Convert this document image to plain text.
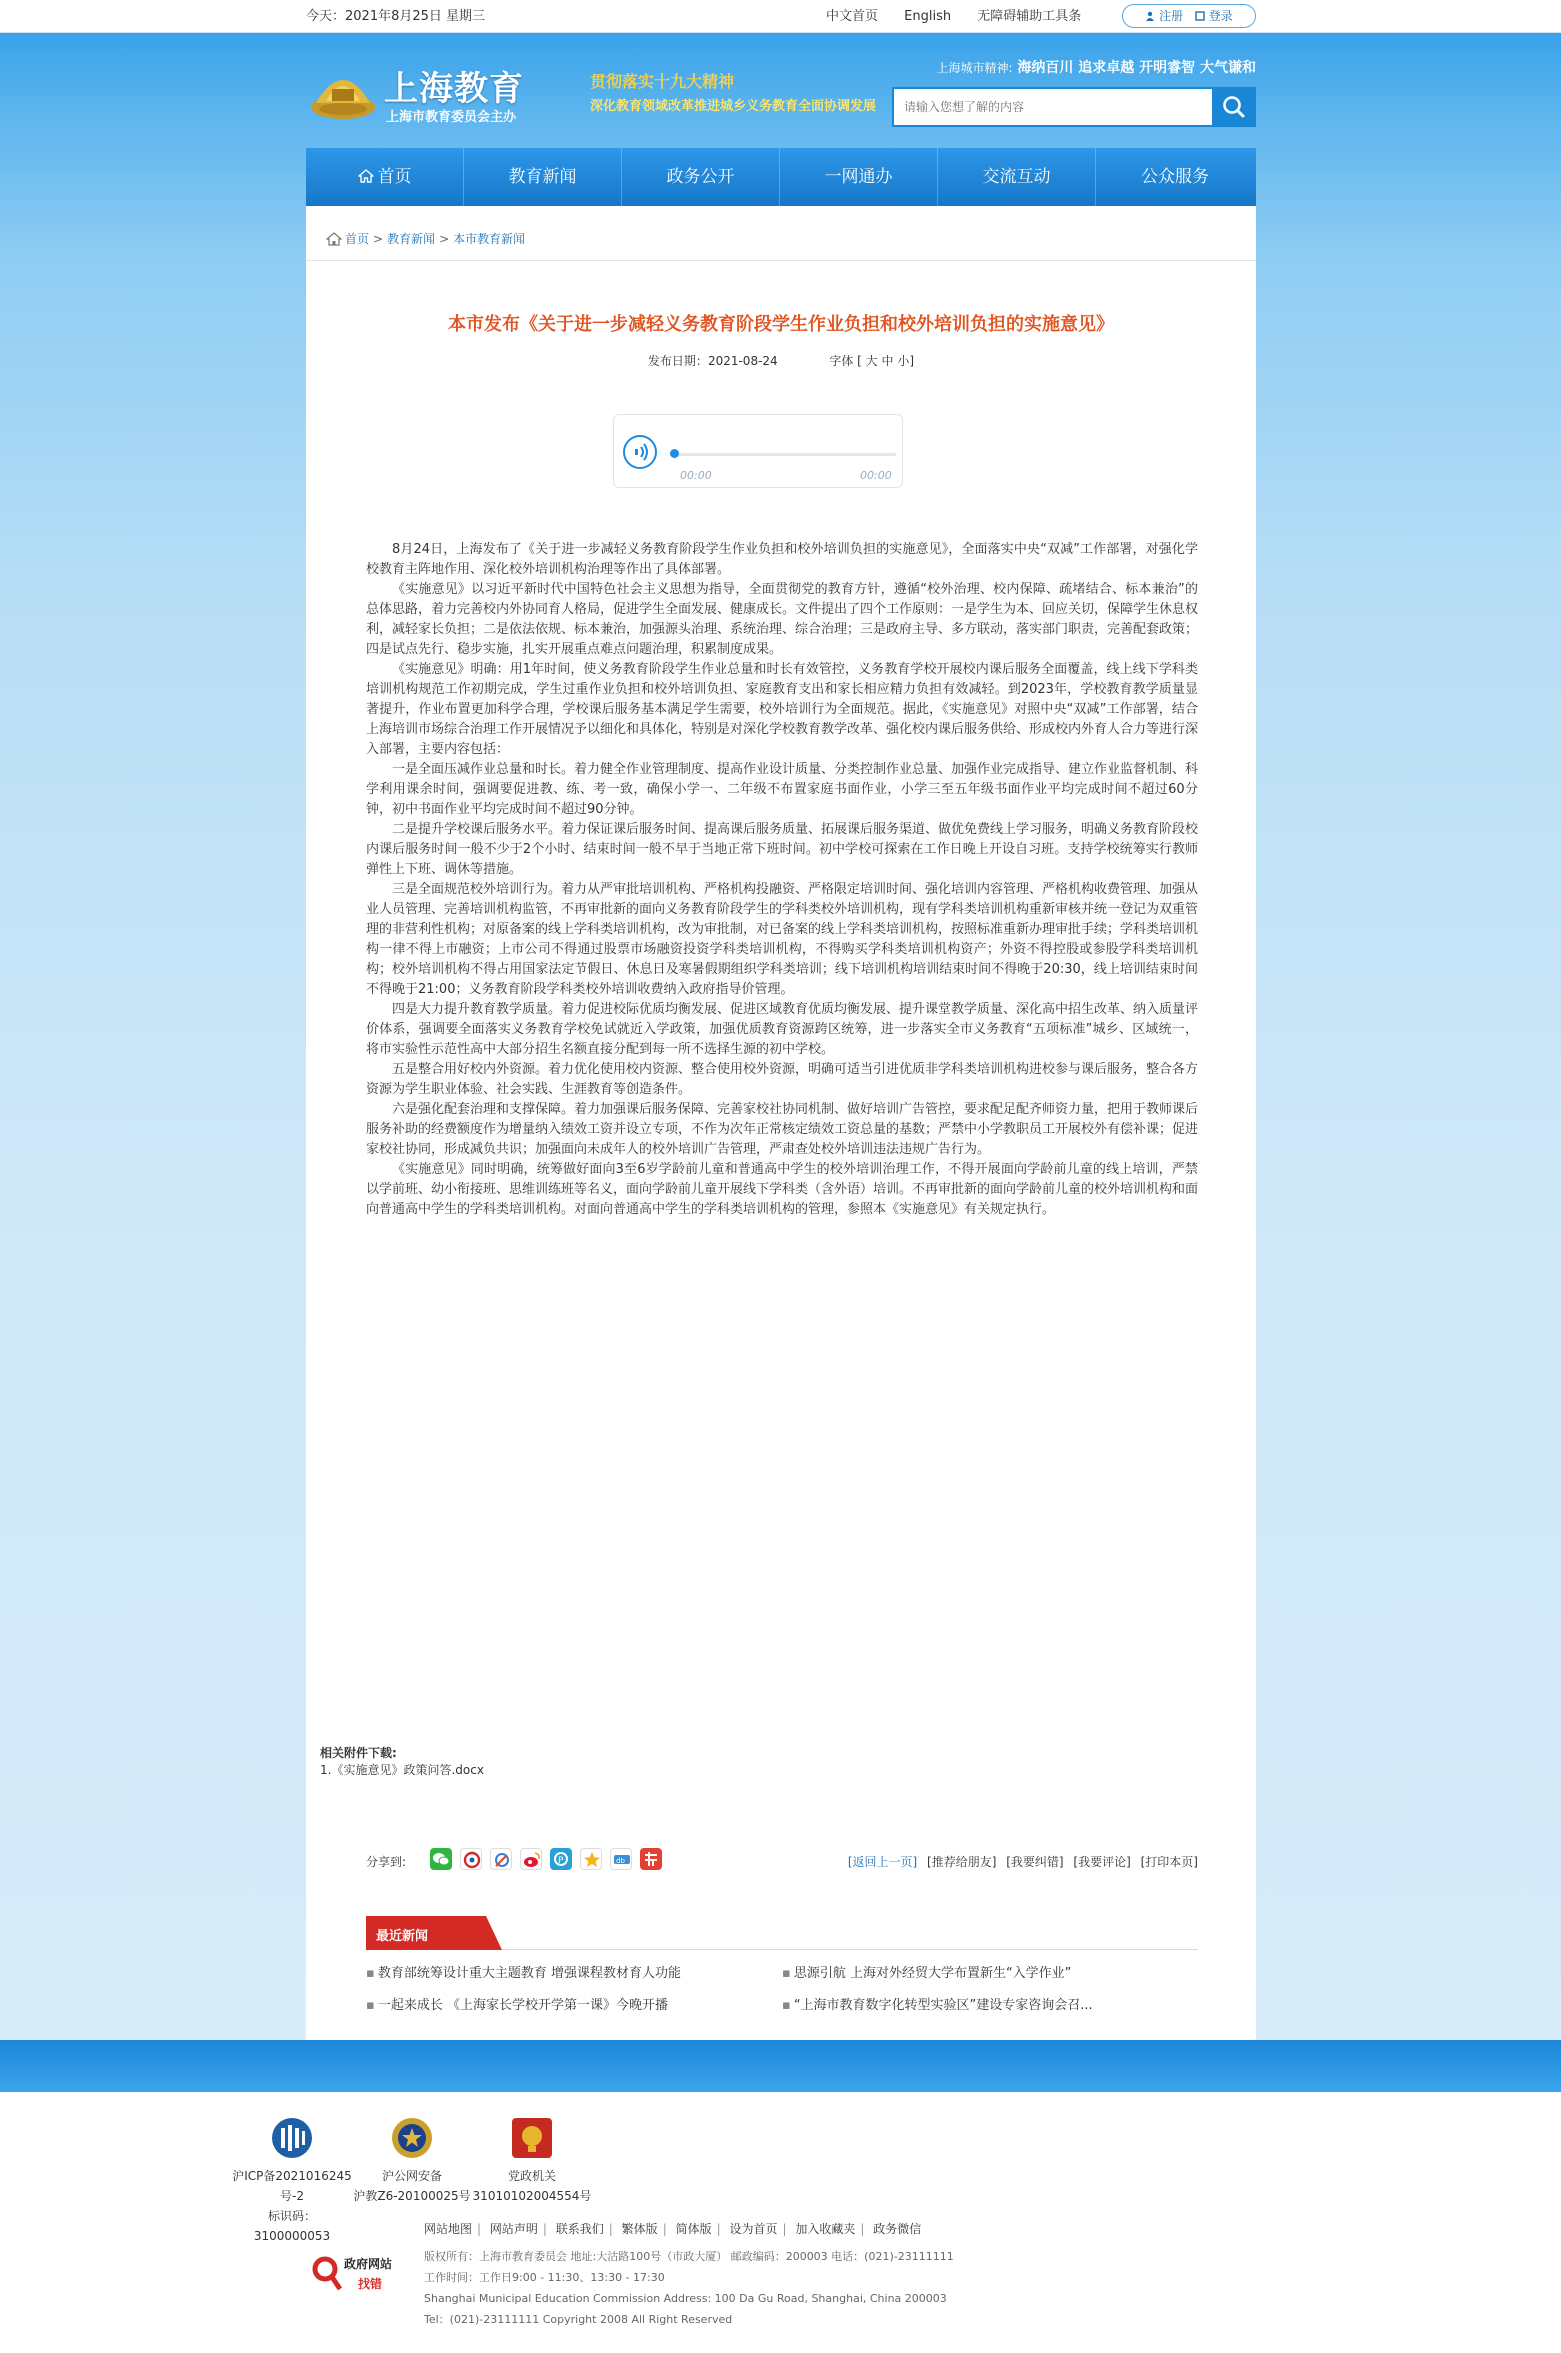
今天：2021年8月25日 星期三	中文首页 English 无障碍辅助工具条	注册 登录
上海教育
上海市教育委员会主办
贯彻落实十九大精神
深化教育领域改革推进城乡义务教育全面协调发展
上海城市精神: 海纳百川 追求卓越 开明睿智 大气谦和
请输入您想了解的内容
首页	教育新闻	政务公开	一网通办	交流互动	公众服务
首页 > 教育新闻 > 本市教育新闻
本市发布《关于进一步减轻义务教育阶段学生作业负担和校外培训负担的实施意见》
发布日期：2021-08-24	字体 [ 大 中 小]
00:00	00:00

8月24日，上海发布了《关于进一步减轻义务教育阶段学生作业负担和校外培训负担的实施意见》，全面落实中央“双减”工作部署，对强化学校教育主阵地作用、深化校外培训机构治理等作出了具体部署。

《实施意见》以习近平新时代中国特色社会主义思想为指导，全面贯彻党的教育方针，遵循“校外治理、校内保障、疏堵结合、标本兼治”的总体思路，着力完善校内外协同育人格局，促进学生全面发展、健康成长。文件提出了四个工作原则：一是学生为本、回应关切，保障学生休息权利，减轻家长负担；二是依法依规、标本兼治，加强源头治理、系统治理、综合治理；三是政府主导、多方联动，落实部门职责，完善配套政策；四是试点先行、稳步实施，扎实开展重点难点问题治理，积累制度成果。

《实施意见》明确：用1年时间，使义务教育阶段学生作业总量和时长有效管控，义务教育学校开展校内课后服务全面覆盖，线上线下学科类培训机构规范工作初期完成，学生过重作业负担和校外培训负担、家庭教育支出和家长相应精力负担有效减轻。到2023年，学校教育教学质量显著提升，作业布置更加科学合理，学校课后服务基本满足学生需要，校外培训行为全面规范。据此，《实施意见》对照中央“双减”工作部署，结合上海培训市场综合治理工作开展情况予以细化和具体化，特别是对深化学校教育教学改革、强化校内课后服务供给、形成校内外育人合力等进行深入部署，主要内容包括：

一是全面压减作业总量和时长。着力健全作业管理制度、提高作业设计质量、分类控制作业总量、加强作业完成指导、建立作业监督机制、科学利用课余时间，强调要促进教、练、考一致，确保小学一、二年级不布置家庭书面作业，小学三至五年级书面作业平均完成时间不超过60分钟，初中书面作业平均完成时间不超过90分钟。

二是提升学校课后服务水平。着力保证课后服务时间、提高课后服务质量、拓展课后服务渠道、做优免费线上学习服务，明确义务教育阶段校内课后服务时间一般不少于2个小时、结束时间一般不早于当地正常下班时间。初中学校可探索在工作日晚上开设自习班。支持学校统筹实行教师弹性上下班、调休等措施。

三是全面规范校外培训行为。着力从严审批培训机构、严格机构投融资、严格限定培训时间、强化培训内容管理、严格机构收费管理、加强从业人员管理、完善培训机构监管，不再审批新的面向义务教育阶段学生的学科类校外培训机构，现有学科类培训机构重新审核并统一登记为双重管理的非营利性机构；对原备案的线上学科类培训机构，改为审批制，对已备案的线上学科类培训机构，按照标准重新办理审批手续；学科类培训机构一律不得上市融资；上市公司不得通过股票市场融资投资学科类培训机构，不得购买学科类培训机构资产；外资不得控股或参股学科类培训机构；校外培训机构不得占用国家法定节假日、休息日及寒暑假期组织学科类培训；线下培训机构培训结束时间不得晚于20:30，线上培训结束时间不得晚于21:00；义务教育阶段学科类校外培训收费纳入政府指导价管理。

四是大力提升教育教学质量。着力促进校际优质均衡发展、促进区域教育优质均衡发展、提升课堂教学质量、深化高中招生改革、纳入质量评价体系，强调要全面落实义务教育学校免试就近入学政策，加强优质教育资源跨区统筹，进一步落实全市义务教育“五项标准”城乡、区域统一，将市实验性示范性高中大部分招生名额直接分配到每一所不选择生源的初中学校。

五是整合用好校内外资源。着力优化使用校内资源、整合使用校外资源，明确可适当引进优质非学科类培训机构进校参与课后服务，整合各方资源为学生职业体验、社会实践、生涯教育等创造条件。

六是强化配套治理和支撑保障。着力加强课后服务保障、完善家校社协同机制、做好培训广告管控，要求配足配齐师资力量，把用于教师课后服务补助的经费额度作为增量纳入绩效工资并设立专项，不作为次年正常核定绩效工资总量的基数；严禁中小学教职员工开展校外有偿补课；促进家校社协同，形成减负共识；加强面向未成年人的校外培训广告管理，严肃查处校外培训违法违规广告行为。

《实施意见》同时明确，统筹做好面向3至6岁学龄前儿童和普通高中学生的校外培训治理工作，不得开展面向学龄前儿童的线上培训，严禁以学前班、幼小衔接班、思维训练班等名义，面向学龄前儿童开展线下学科类（含外语）培训。不再审批新的面向学龄前儿童的校外培训机构和面向普通高中学生的学科类培训机构。对面向普通高中学生的学科类培训机构的管理，参照本《实施意见》有关规定执行。

相关附件下载:
1.《实施意见》政策问答.docx
分享到:	P	db	[返回上一页] [推荐给朋友] [我要纠错] [我要评论] [打印本页]
最近新闻
▪ 教育部统筹设计重大主题教育 增强课程教材育人功能	▪ 思源引航 上海对外经贸大学布置新生“入学作业”
▪ 一起来成长 《上海家长学校开学第一课》今晚开播	▪ “上海市教育数字化转型实验区”建设专家咨询会召...
沪ICP备2021016245
号-2
标识码：3100000053
沪公网安备
沪教Z6-20100025号
党政机关
31010102004554号
网站地图 | 网站声明 | 联系我们 | 繁体版 | 简体版 | 设为首页 | 加入收藏夹 | 政务微信
政府网站
找错
版权所有：上海市教育委员会 地址:大沽路100号（市政大厦） 邮政编码：200003 电话：(021)-23111111
工作时间：工作日9:00 - 11:30、13:30 - 17:30
Shanghai Municipal Education Commission Address: 100 Da Gu Road, Shanghai, China 200003
Tel：(021)-23111111 Copyright 2008 All Right Reserved
